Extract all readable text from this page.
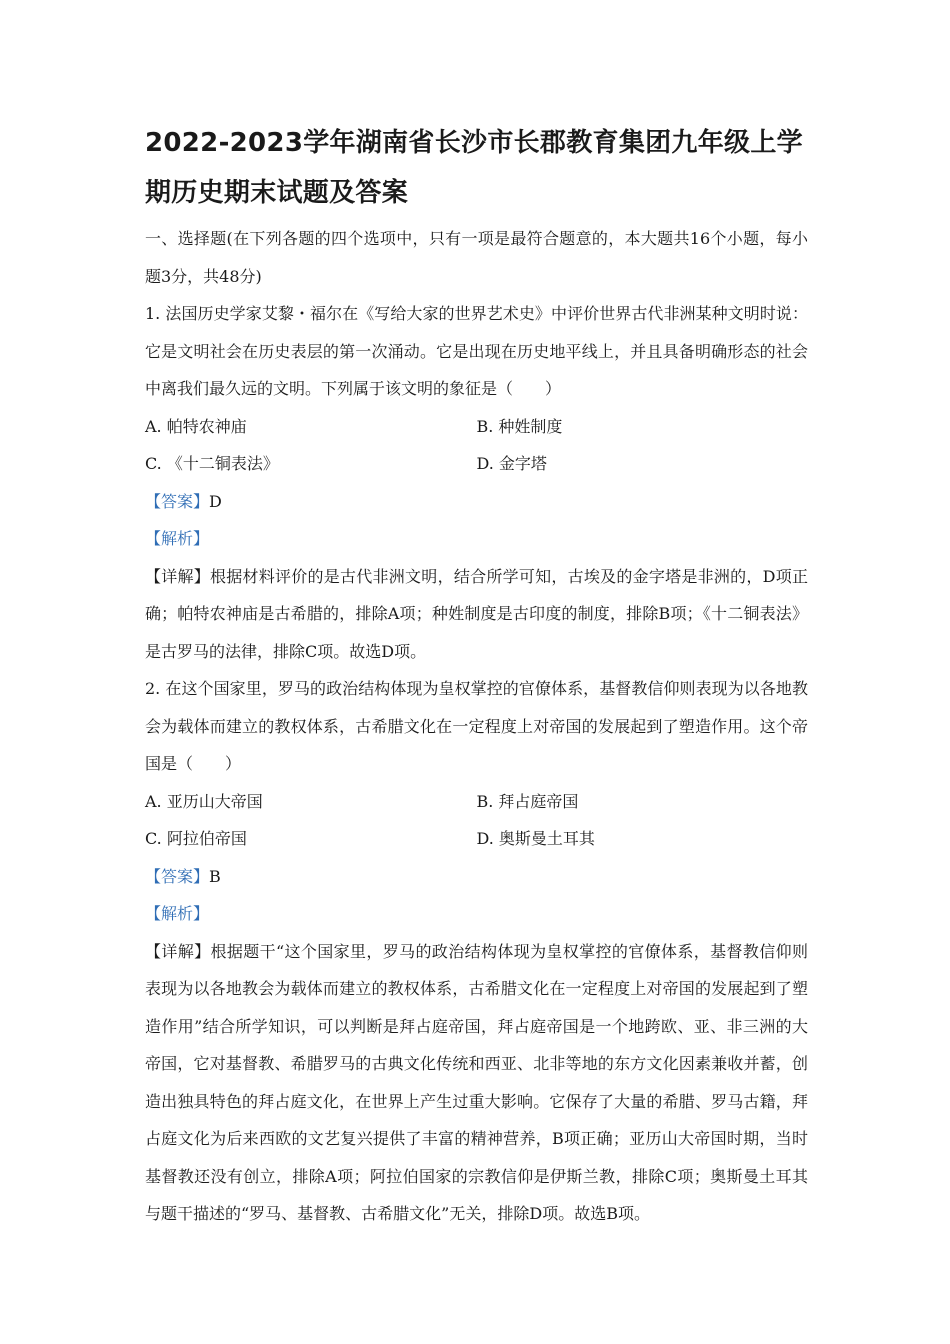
2022-2023学年湖南省长沙市长郡教育集团九年级上学期历史期末试题及答案

一、选择题(在下列各题的四个选项中，只有一项是最符合题意的，本大题共16个小题，每小题3分，共48分)

1. 法国历史学家艾黎・福尔在《写给大家的世界艺术史》中评价世界古代非洲某种文明时说：它是文明社会在历史表层的第一次涌动。它是出现在历史地平线上，并且具备明确形态的社会中离我们最久远的文明。下列属于该文明的象征是（　　）

A. 帕特农神庙	B. 种姓制度
C. 《十二铜表法》	D. 金字塔

【答案】D

【解析】

【详解】根据材料评价的是古代非洲文明，结合所学可知，古埃及的金字塔是非洲的，D项正确；帕特农神庙是古希腊的，排除A项；种姓制度是古印度的制度，排除B项；《十二铜表法》是古罗马的法律，排除C项。故选D项。

2. 在这个国家里，罗马的政治结构体现为皇权掌控的官僚体系，基督教信仰则表现为以各地教会为载体而建立的教权体系，古希腊文化在一定程度上对帝国的发展起到了塑造作用。这个帝国是（　　）

A. 亚历山大帝国	B. 拜占庭帝国
C. 阿拉伯帝国	D. 奥斯曼土耳其

【答案】B

【解析】

【详解】根据题干“这个国家里，罗马的政治结构体现为皇权掌控的官僚体系，基督教信仰则表现为以各地教会为载体而建立的教权体系，古希腊文化在一定程度上对帝国的发展起到了塑造作用”结合所学知识，可以判断是拜占庭帝国，拜占庭帝国是一个地跨欧、亚、非三洲的大帝国，它对基督教、希腊罗马的古典文化传统和西亚、北非等地的东方文化因素兼收并蓄，创造出独具特色的拜占庭文化，在世界上产生过重大影响。它保存了大量的希腊、罗马古籍，拜占庭文化为后来西欧的文艺复兴提供了丰富的精神营养，B项正确；亚历山大帝国时期，当时基督教还没有创立，排除A项；阿拉伯国家的宗教信仰是伊斯兰教，排除C项；奥斯曼土耳其与题干描述的“罗马、基督教、古希腊文化”无关，排除D项。故选B项。
